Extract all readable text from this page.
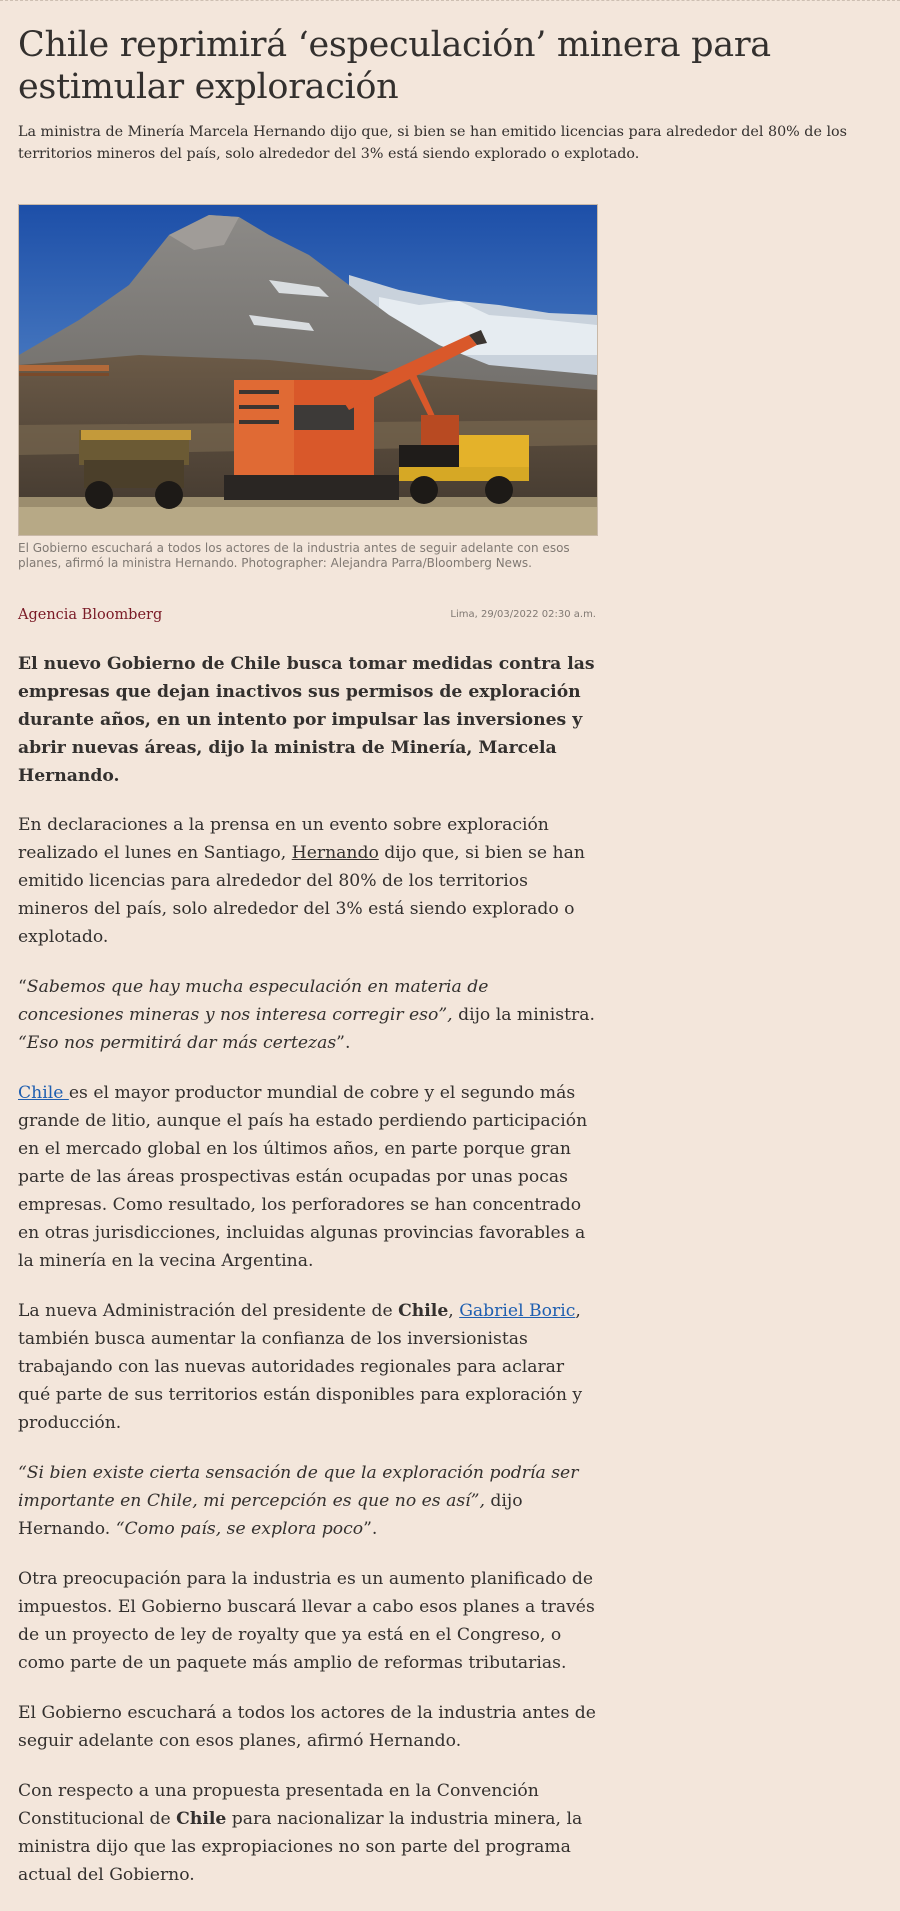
Chile reprimirá ‘especulación’ minera para estimular exploración

La ministra de Minería Marcela Hernando dijo que, si bien se han emitido licencias para alrededor del 80% de los territorios mineros del país, solo alrededor del 3% está siendo explorado o explotado.

El Gobierno escuchará a todos los actores de la industria antes de seguir adelante con esos planes, afirmó la ministra Hernando. Photographer: Alejandra Parra/Bloomberg News.

Agencia Bloomberg	Lima, 29/03/2022 02:30 a.m.

El nuevo Gobierno de Chile busca tomar medidas contra las empresas que dejan inactivos sus permisos de exploración durante años, en un intento por impulsar las inversiones y abrir nuevas áreas, dijo la ministra de Minería, Marcela Hernando.

En declaraciones a la prensa en un evento sobre exploración realizado el lunes en Santiago, Hernando dijo que, si bien se han emitido licencias para alrededor del 80% de los territorios mineros del país, solo alrededor del 3% está siendo explorado o explotado.

“Sabemos que hay mucha especulación en materia de concesiones mineras y nos interesa corregir eso”, dijo la ministra. “Eso nos permitirá dar más certezas”.

Chile es el mayor productor mundial de cobre y el segundo más grande de litio, aunque el país ha estado perdiendo participación en el mercado global en los últimos años, en parte porque gran parte de las áreas prospectivas están ocupadas por unas pocas empresas. Como resultado, los perforadores se han concentrado en otras jurisdicciones, incluidas algunas provincias favorables a la minería en la vecina Argentina.

La nueva Administración del presidente de Chile, Gabriel Boric, también busca aumentar la confianza de los inversionistas trabajando con las nuevas autoridades regionales para aclarar qué parte de sus territorios están disponibles para exploración y producción.

“Si bien existe cierta sensación de que la exploración podría ser importante en Chile, mi percepción es que no es así”, dijo Hernando. “Como país, se explora poco”.

Otra preocupación para la industria es un aumento planificado de impuestos. El Gobierno buscará llevar a cabo esos planes a través de un proyecto de ley de royalty que ya está en el Congreso, o como parte de un paquete más amplio de reformas tributarias.

El Gobierno escuchará a todos los actores de la industria antes de seguir adelante con esos planes, afirmó Hernando.

Con respecto a una propuesta presentada en la Convención Constitucional de Chile para nacionalizar la industria minera, la ministra dijo que las expropiaciones no son parte del programa actual del Gobierno.
